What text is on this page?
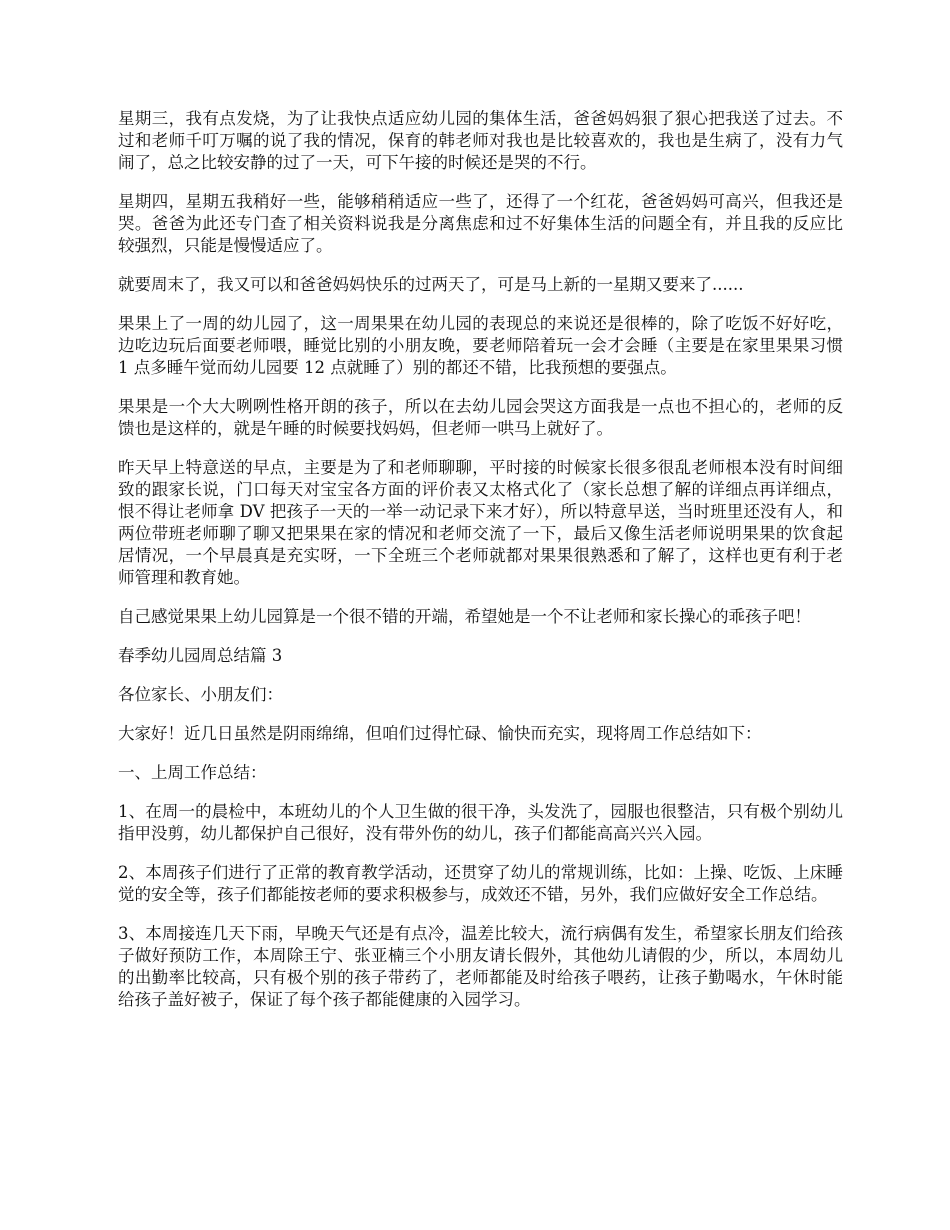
星期三，我有点发烧，为了让我快点适应幼儿园的集体生活，爸爸妈妈狠了狠心把我送了过去。不过和老师千叮万嘱的说了我的情况，保育的韩老师对我也是比较喜欢的，我也是生病了，没有力气闹了，总之比较安静的过了一天，可下午接的时候还是哭的不行。

星期四，星期五我稍好一些，能够稍稍适应一些了，还得了一个红花，爸爸妈妈可高兴，但我还是哭。爸爸为此还专门查了相关资料说我是分离焦虑和过不好集体生活的问题全有，并且我的反应比较强烈，只能是慢慢适应了。

就要周末了，我又可以和爸爸妈妈快乐的过两天了，可是马上新的一星期又要来了......

果果上了一周的幼儿园了，这一周果果在幼儿园的表现总的来说还是很棒的，除了吃饭不好好吃，边吃边玩后面要老师喂，睡觉比别的小朋友晚，要老师陪着玩一会才会睡（主要是在家里果果习惯 1 点多睡午觉而幼儿园要 12 点就睡了）别的都还不错，比我预想的要强点。

果果是一个大大咧咧性格开朗的孩子，所以在去幼儿园会哭这方面我是一点也不担心的，老师的反馈也是这样的，就是午睡的时候要找妈妈，但老师一哄马上就好了。

昨天早上特意送的早点，主要是为了和老师聊聊，平时接的时候家长很多很乱老师根本没有时间细致的跟家长说，门口每天对宝宝各方面的评价表又太格式化了（家长总想了解的详细点再详细点，恨不得让老师拿 DV 把孩子一天的一举一动记录下来才好），所以特意早送，当时班里还没有人，和两位带班老师聊了聊又把果果在家的情况和老师交流了一下，最后又像生活老师说明果果的饮食起居情况，一个早晨真是充实呀，一下全班三个老师就都对果果很熟悉和了解了，这样也更有利于老师管理和教育她。

自己感觉果果上幼儿园算是一个很不错的开端，希望她是一个不让老师和家长操心的乖孩子吧！

春季幼儿园周总结篇 3

各位家长、小朋友们：

大家好！近几日虽然是阴雨绵绵，但咱们过得忙碌、愉快而充实，现将周工作总结如下：

一、上周工作总结：

1、在周一的晨检中，本班幼儿的个人卫生做的很干净，头发洗了，园服也很整洁，只有极个别幼儿指甲没剪，幼儿都保护自己很好，没有带外伤的幼儿，孩子们都能高高兴兴入园。

2、本周孩子们进行了正常的教育教学活动，还贯穿了幼儿的常规训练，比如：上操、吃饭、上床睡觉的安全等，孩子们都能按老师的要求积极参与，成效还不错，另外，我们应做好安全工作总结。

3、本周接连几天下雨，早晚天气还是有点冷，温差比较大，流行病偶有发生，希望家长朋友们给孩子做好预防工作，本周除王宁、张亚楠三个小朋友请长假外，其他幼儿请假的少，所以，本周幼儿的出勤率比较高，只有极个别的孩子带药了，老师都能及时给孩子喂药，让孩子勤喝水，午休时能给孩子盖好被子，保证了每个孩子都能健康的入园学习。
